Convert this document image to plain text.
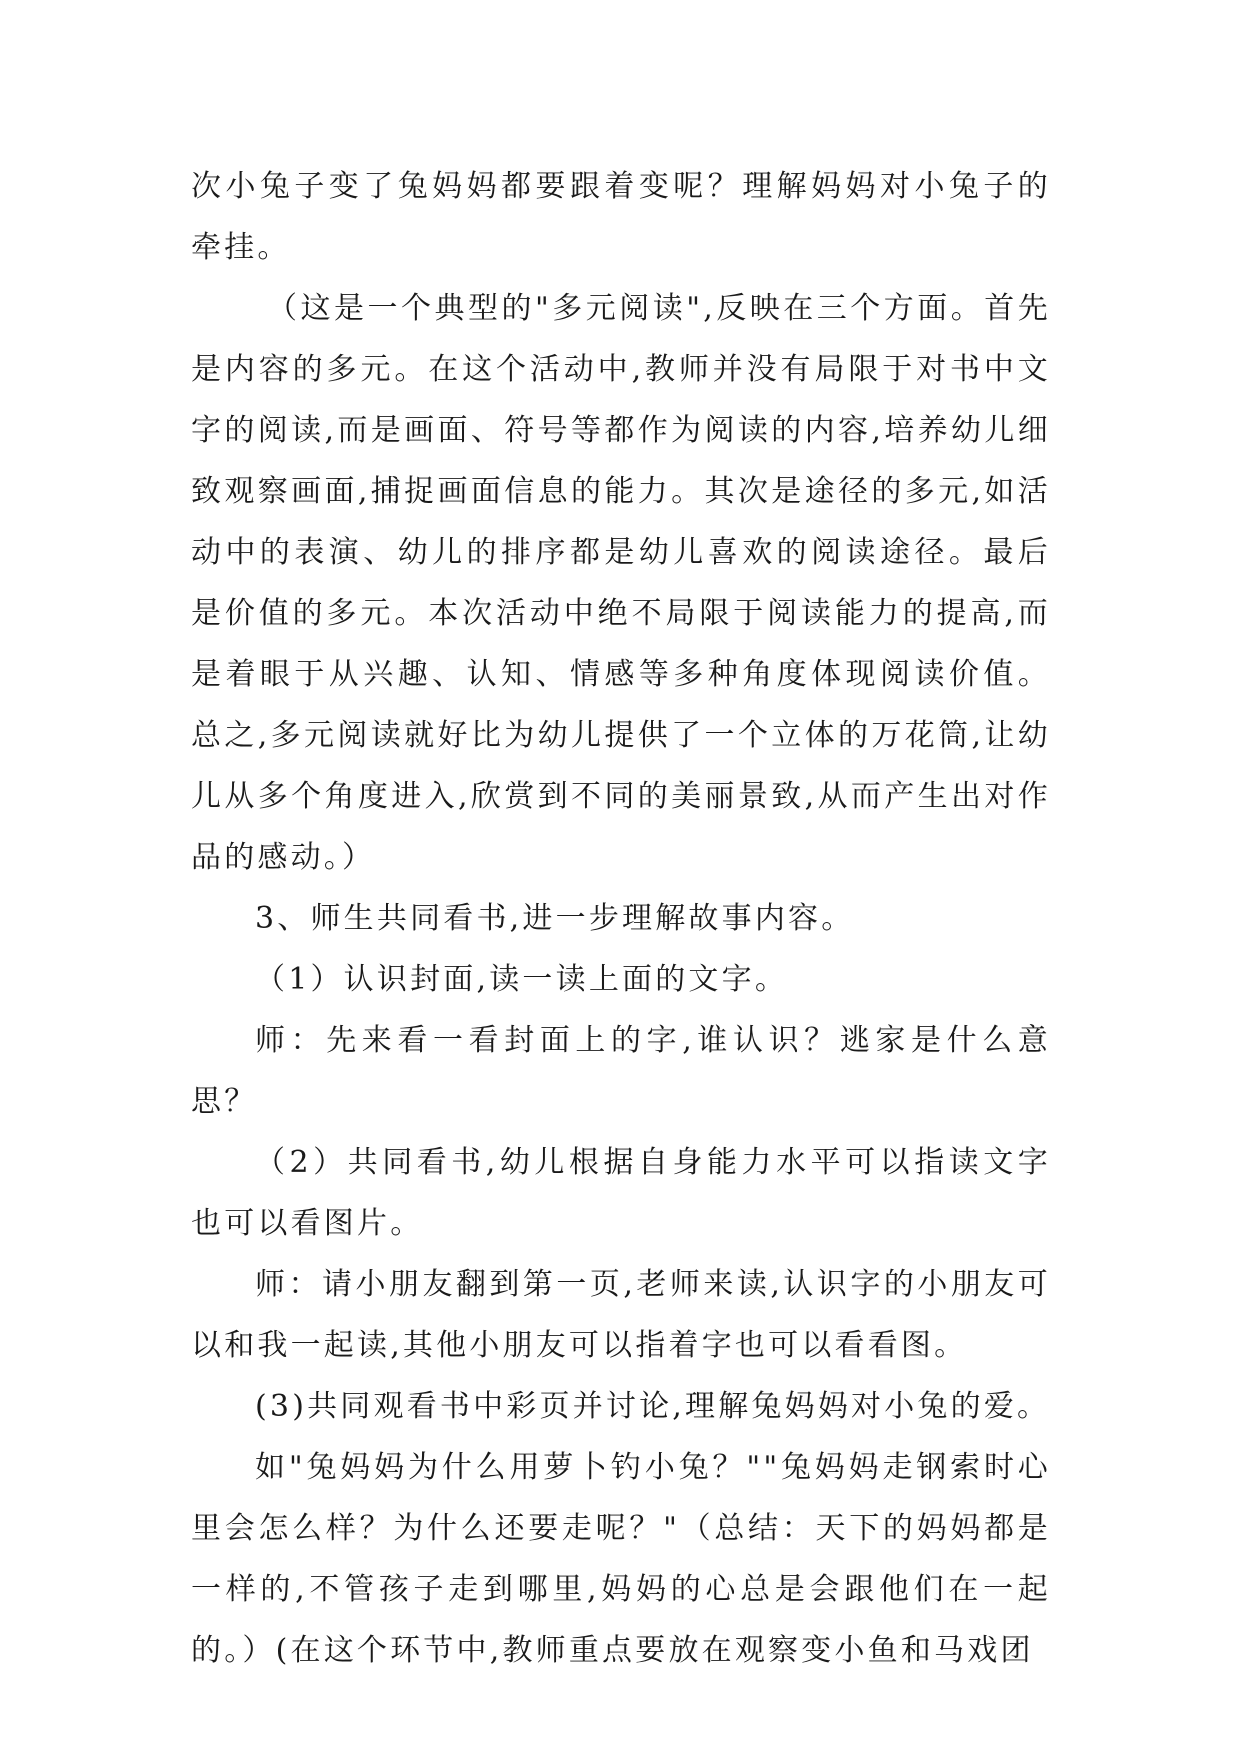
次小兔子变了兔妈妈都要跟着变呢？理解妈妈对小兔子的牵挂。

（这是一个典型的"多元阅读",反映在三个方面。首先是内容的多元。在这个活动中,教师并没有局限于对书中文字的阅读,而是画面、符号等都作为阅读的内容,培养幼儿细致观察画面,捕捉画面信息的能力。其次是途径的多元,如活动中的表演、幼儿的排序都是幼儿喜欢的阅读途径。最后是价值的多元。本次活动中绝不局限于阅读能力的提高,而是着眼于从兴趣、认知、情感等多种角度体现阅读价值。总之,多元阅读就好比为幼儿提供了一个立体的万花筒,让幼儿从多个角度进入,欣赏到不同的美丽景致,从而产生出对作品的感动。）

3、师生共同看书,进一步理解故事内容。

（1）认识封面,读一读上面的文字。

师：先来看一看封面上的字,谁认识？逃家是什么意思？

（2）共同看书,幼儿根据自身能力水平可以指读文字也可以看图片。

师：请小朋友翻到第一页,老师来读,认识字的小朋友可以和我一起读,其他小朋友可以指着字也可以看看图。

(3)共同观看书中彩页并讨论,理解兔妈妈对小兔的爱。

如"兔妈妈为什么用萝卜钓小兔？""兔妈妈走钢索时心里会怎么样？为什么还要走呢？"（总结：天下的妈妈都是一样的,不管孩子走到哪里,妈妈的心总是会跟他们在一起的。）(在这个环节中,教师重点要放在观察变小鱼和马戏团
